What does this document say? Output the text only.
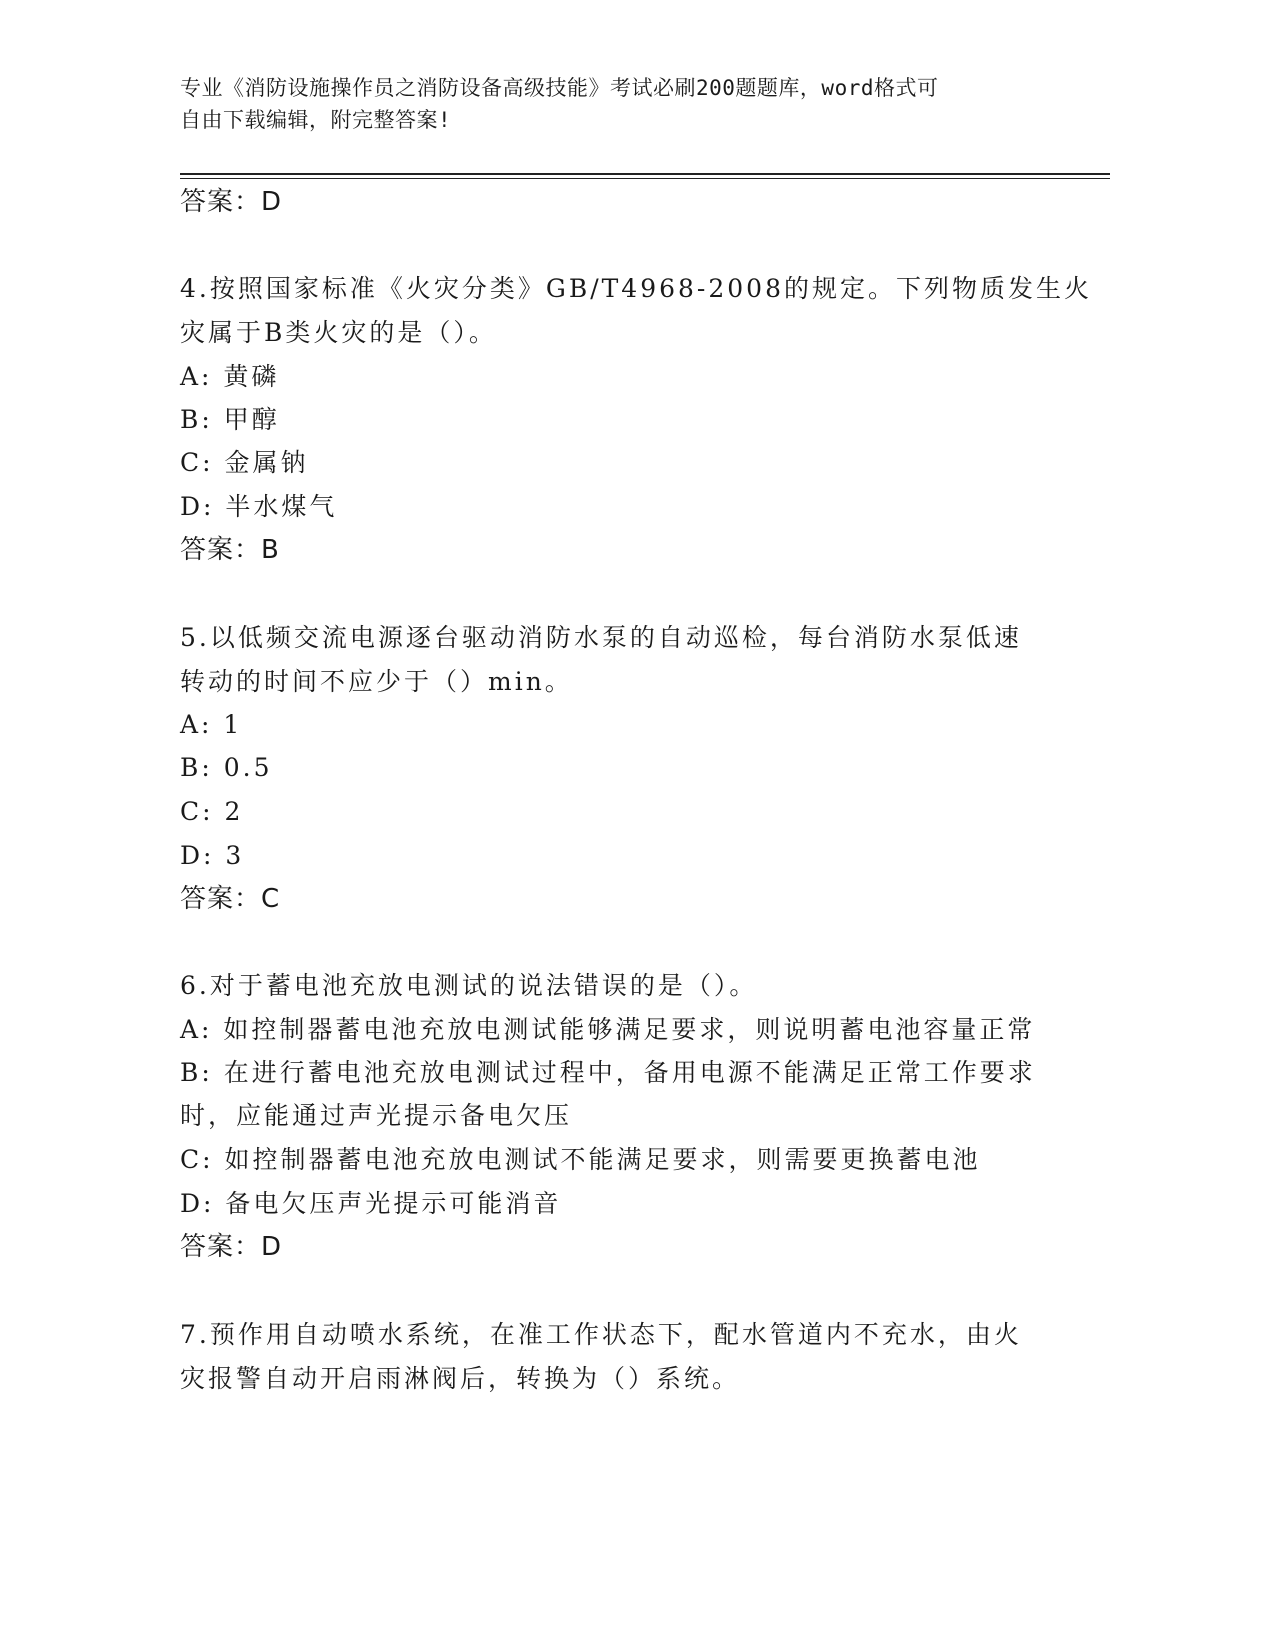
专业《消防设施操作员之消防设备高级技能》考试必刷200题题库，word格式可
自由下载编辑，附完整答案!
答案：D
4.按照国家标准《火灾分类》GB/T4968-2008的规定。下列物质发生火
灾属于B类火灾的是（）。
A: 黄磷
B: 甲醇
C: 金属钠
D: 半水煤气
答案：B
5.以低频交流电源逐台驱动消防水泵的自动巡检，每台消防水泵低速
转动的时间不应少于（）min。
A: 1
B: 0.5
C: 2
D: 3
答案：C
6.对于蓄电池充放电测试的说法错误的是（）。
A: 如控制器蓄电池充放电测试能够满足要求，则说明蓄电池容量正常
B: 在进行蓄电池充放电测试过程中，备用电源不能满足正常工作要求
时，应能通过声光提示备电欠压
C: 如控制器蓄电池充放电测试不能满足要求，则需要更换蓄电池
D: 备电欠压声光提示可能消音
答案：D
7.预作用自动喷水系统，在准工作状态下，配水管道内不充水，由火
灾报警自动开启雨淋阀后，转换为（）系统。
